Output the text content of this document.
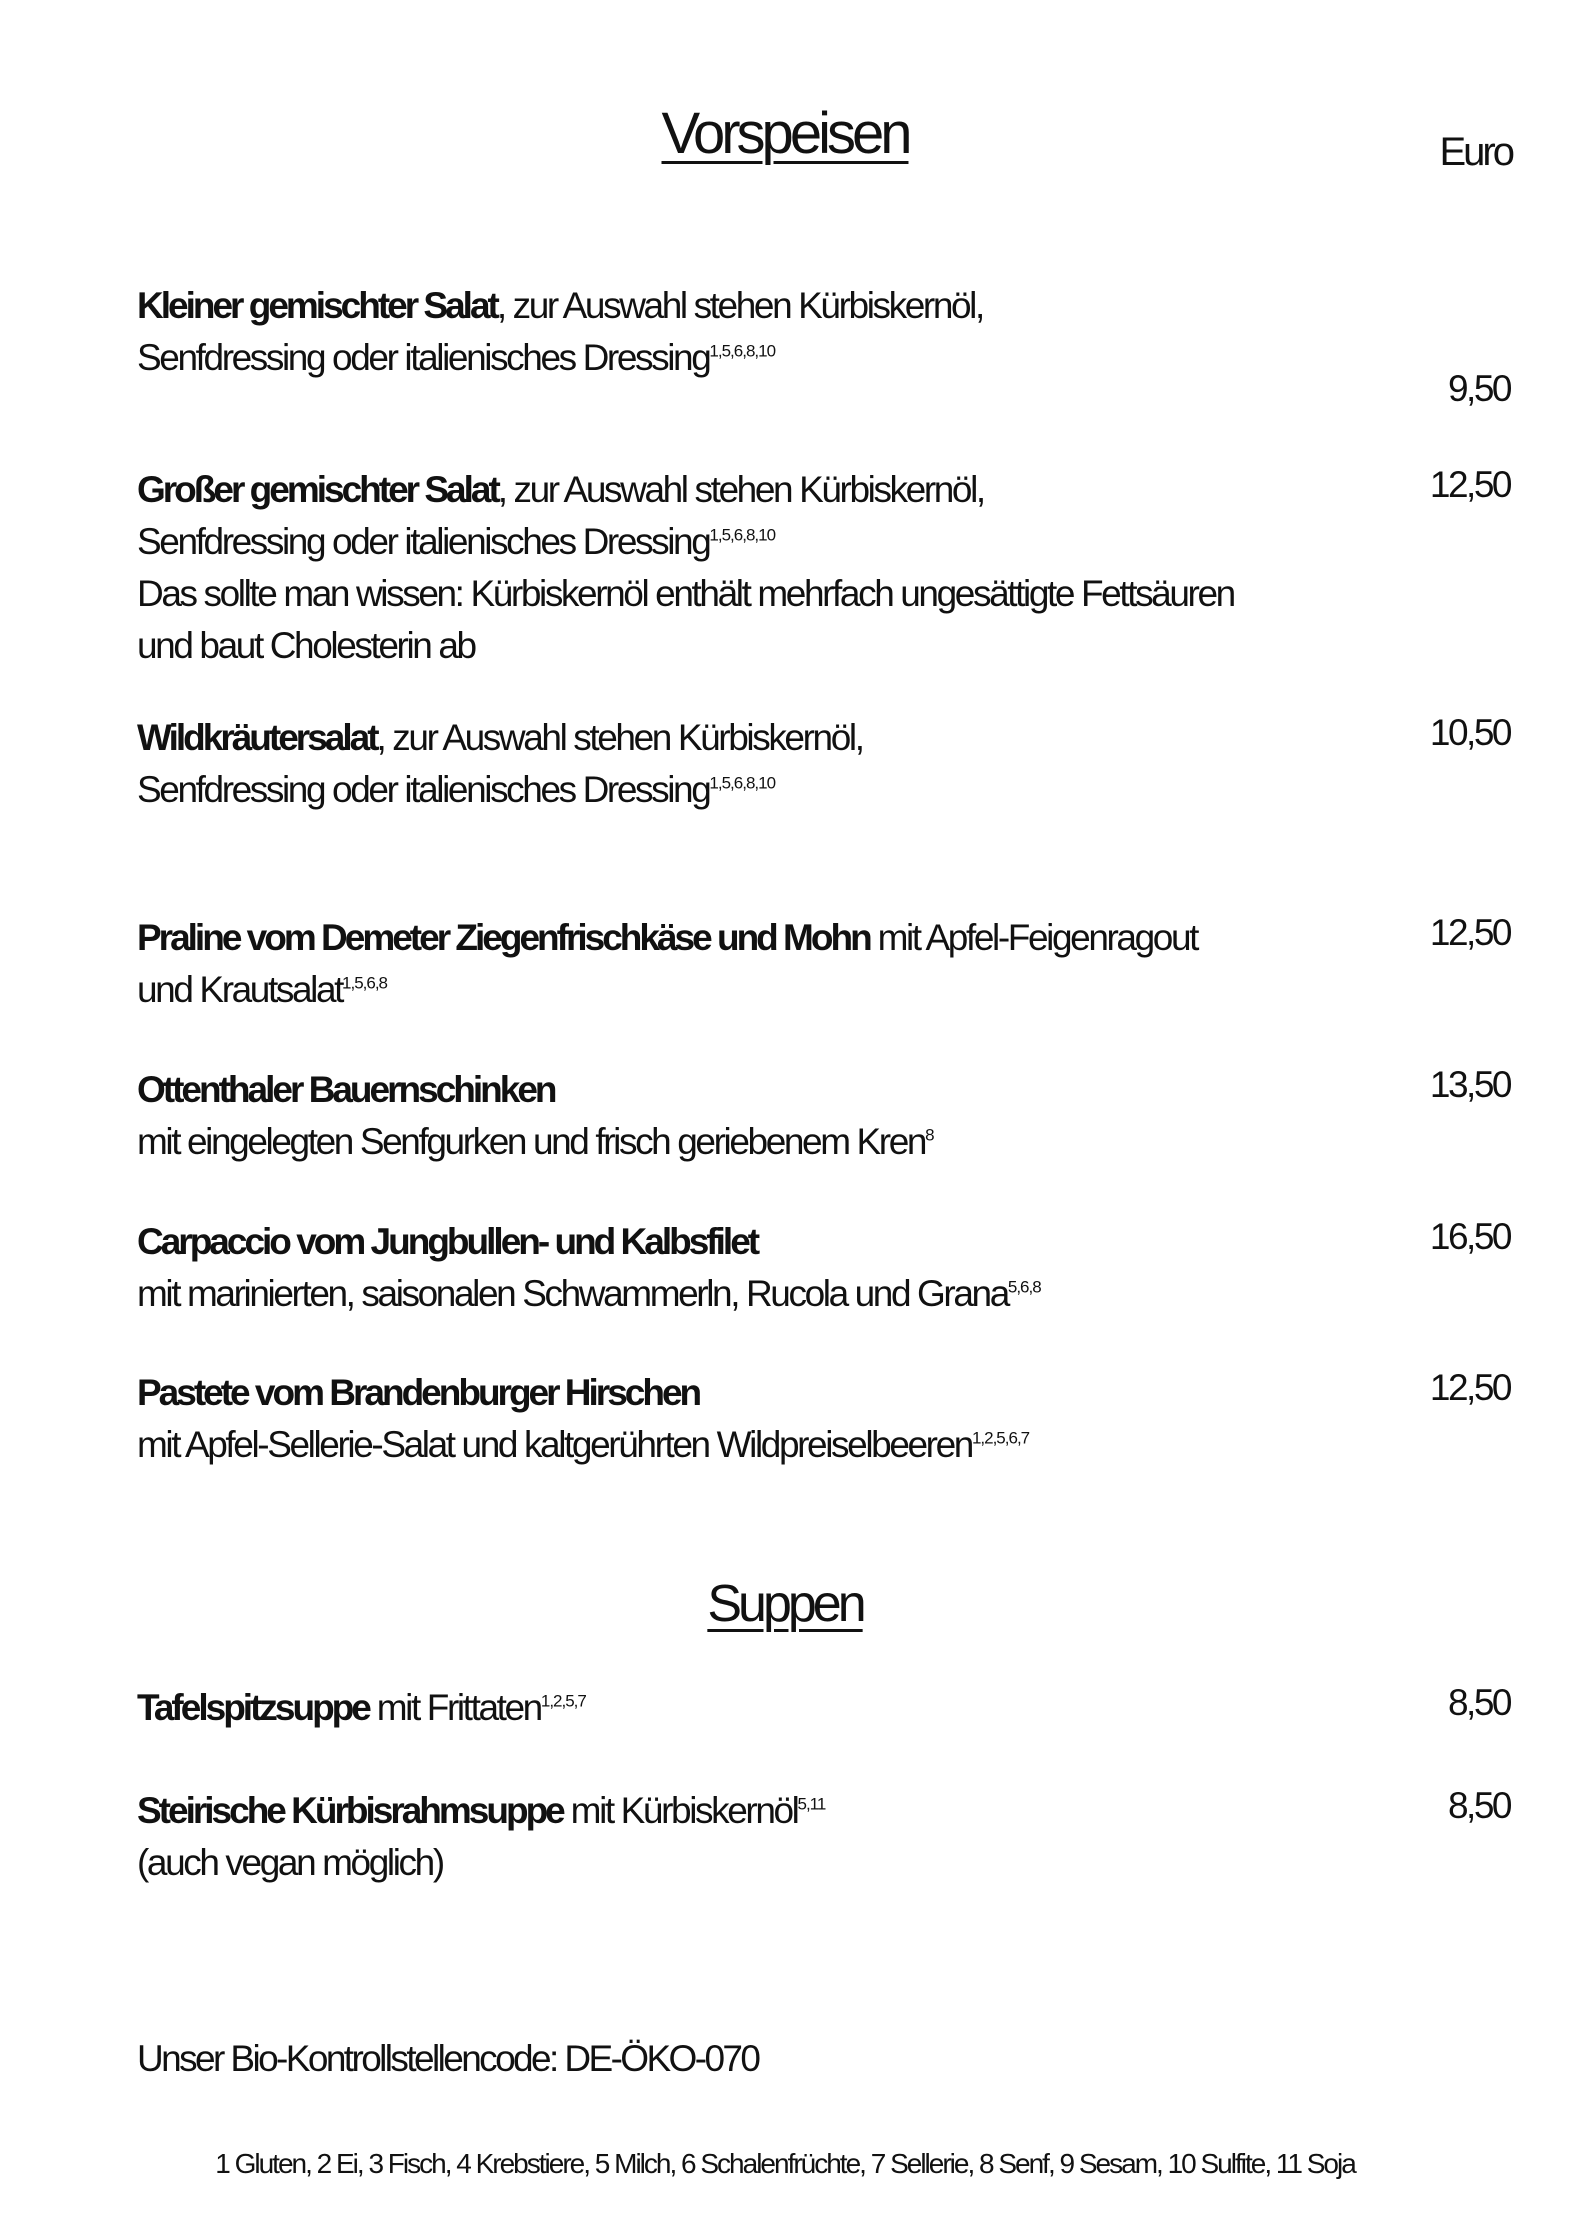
Vorspeisen	Euro
Kleiner gemischter Salat, zur Auswahl stehen Kürbiskernöl,
Senfdressing oder italienisches Dressing$^{1,5,6,8,10}$
9,50
Großer gemischter Salat, zur Auswahl stehen Kürbiskernöl,
Senfdressing oder italienisches Dressing$^{1,5,6,8,10}$
Das sollte man wissen: Kürbiskernöl enthält mehrfach ungesättigte Fettsäuren
und baut Cholesterin ab
12,50
Wildkräutersalat, zur Auswahl stehen Kürbiskernöl,
Senfdressing oder italienisches Dressing$^{1,5,6,8,10}$
10,50
Praline vom Demeter Ziegenfrischkäse und Mohn mit Apfel-Feigenragout
und Krautsalat$^{1,5,6,8}$
12,50
Ottenthaler Bauernschinken
mit eingelegten Senfgurken und frisch geriebenem Kren$^8$
13,50
Carpaccio vom Jungbullen- und Kalbsfilet
mit marinierten, saisonalen Schwammerln, Rucola und Grana$^{5,6,8}$
16,50
Pastete vom Brandenburger Hirschen
mit Apfel-Sellerie-Salat und kaltgerührten Wildpreiselbeeren$^{1,2,5,6,7}$
12,50
Suppen
Tafelspitzsuppe mit Frittaten$^{1,2,5,7}$	8,50
Steirische Kürbisrahmsuppe mit Kürbiskernöl$^{5,11}$
(auch vegan möglich)
8,50
Unser Bio-Kontrollstellencode: DE-ÖKO-070
1 Gluten, 2 Ei, 3 Fisch, 4 Krebstiere, 5 Milch, 6 Schalenfrüchte, 7 Sellerie, 8 Senf, 9 Sesam, 10 Sulfite, 11 Soja
